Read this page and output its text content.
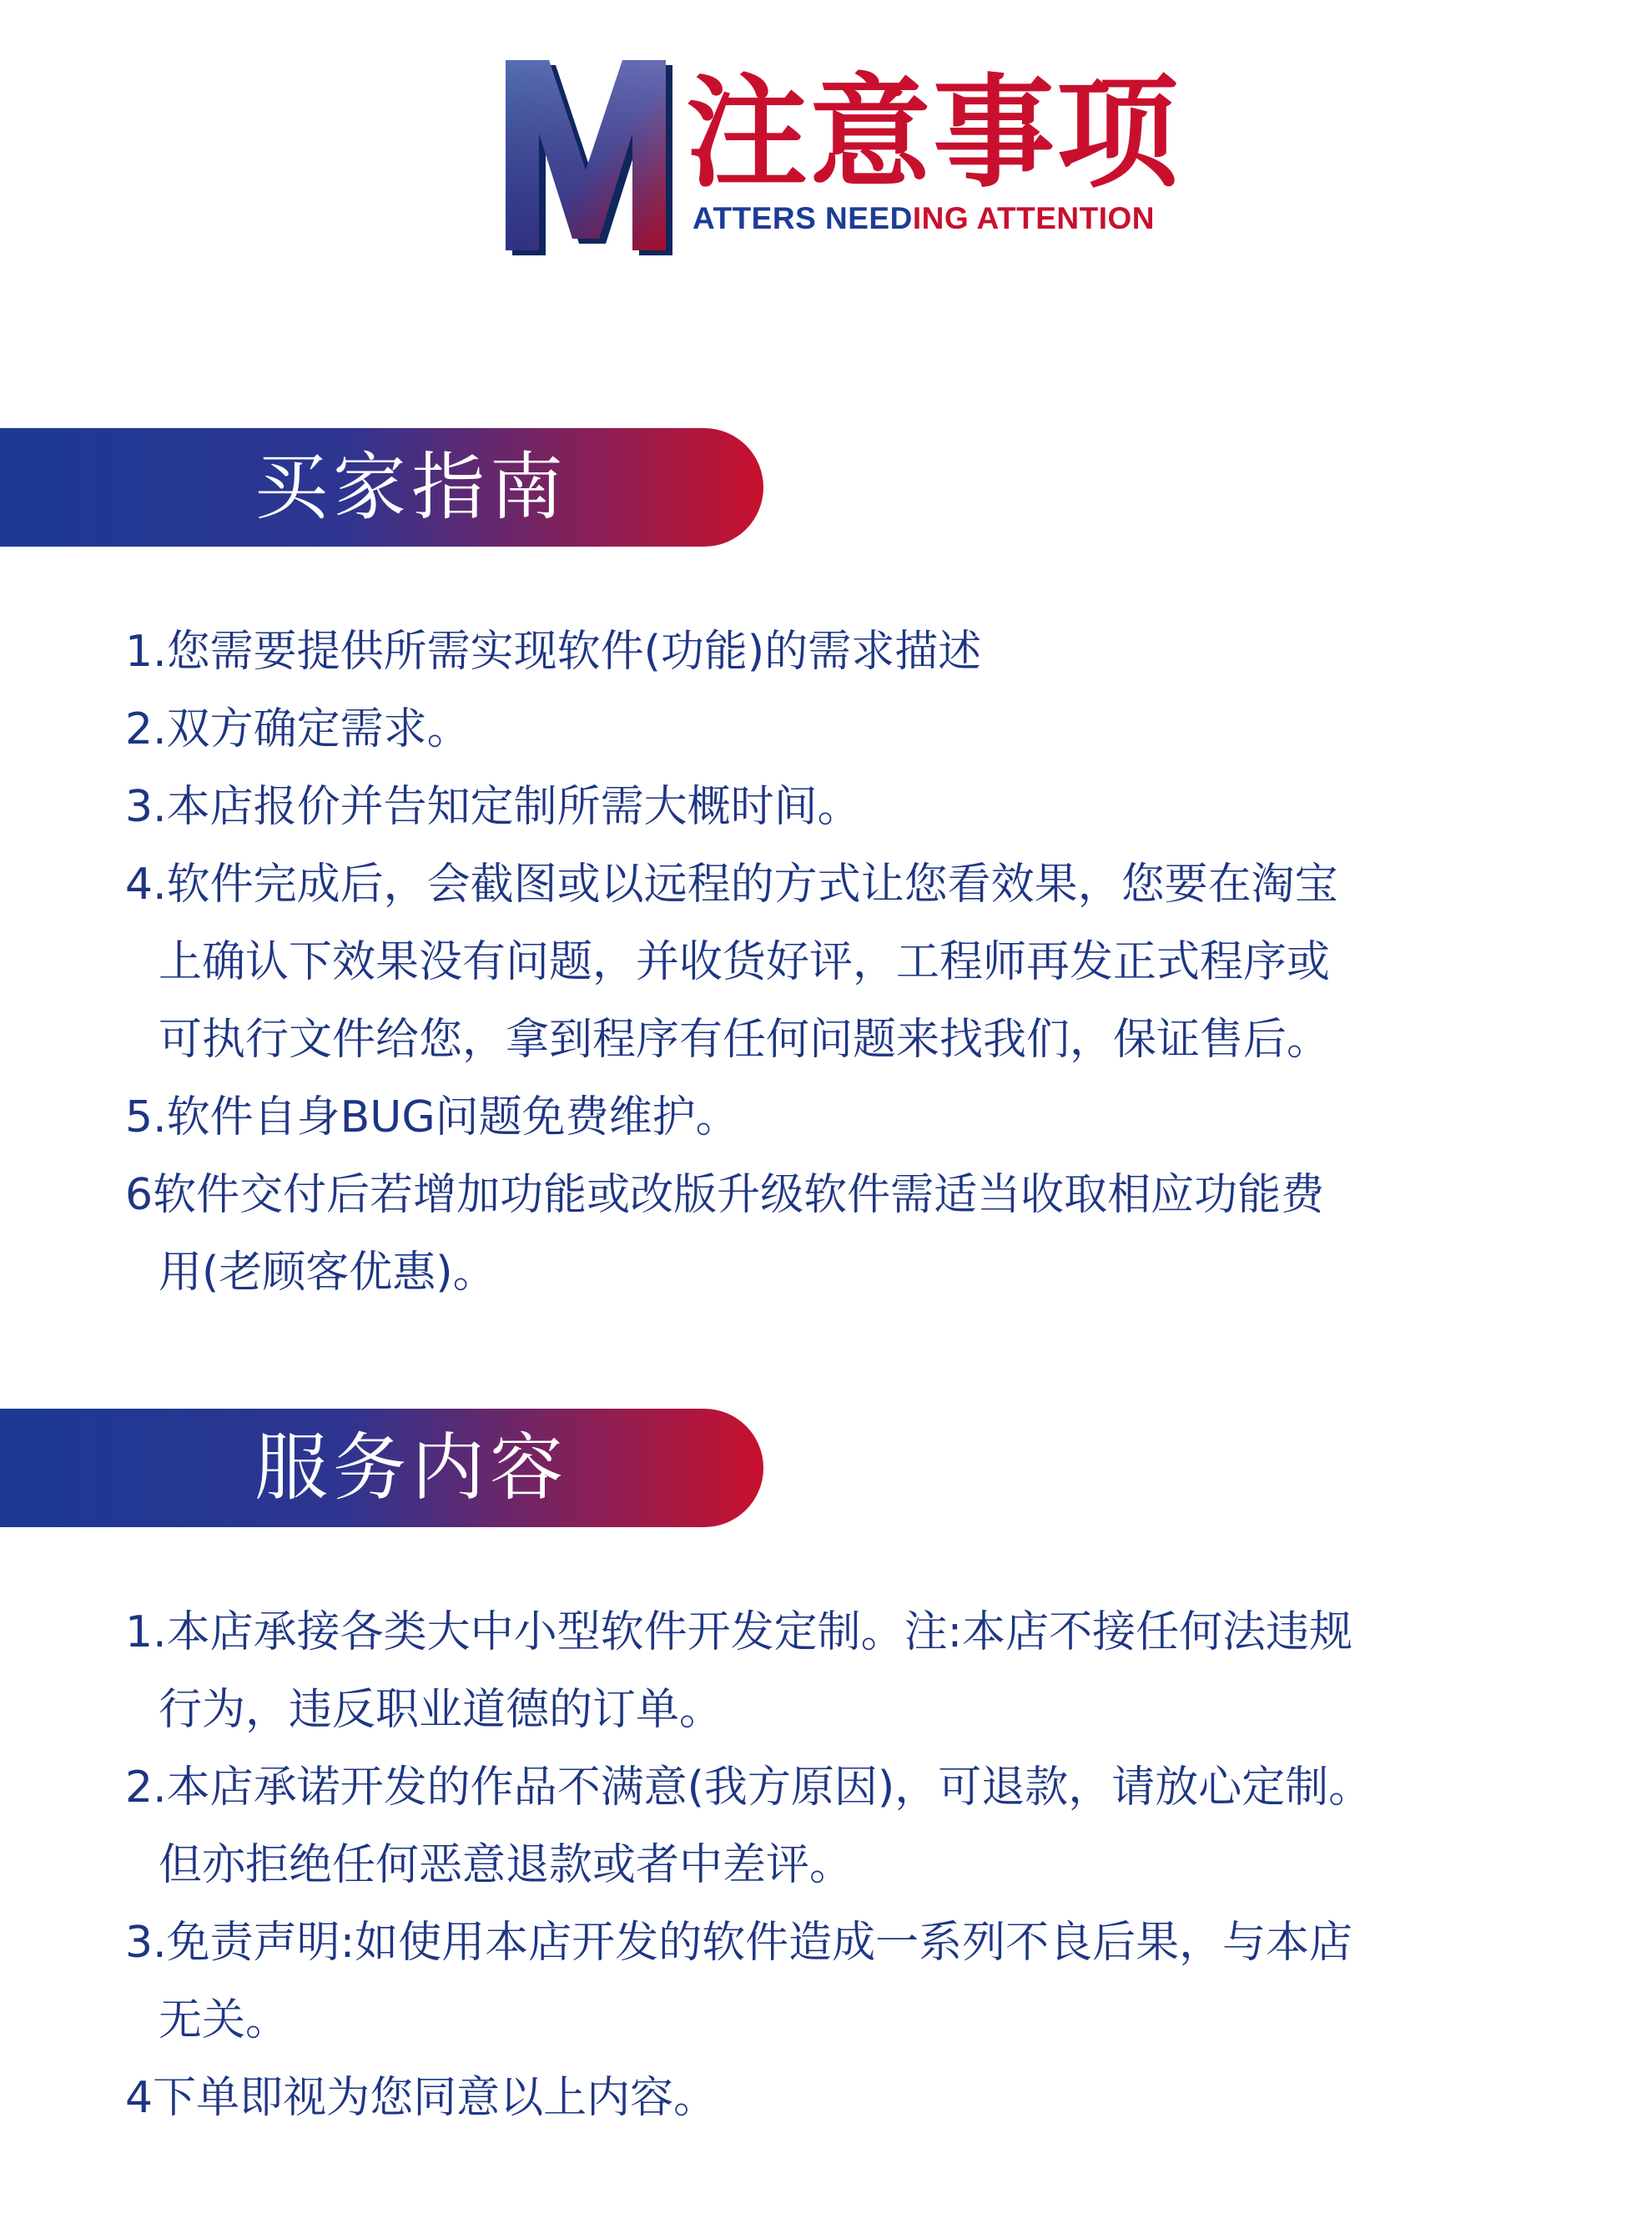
注意事项
ATTERS NEEDING ATTENTION
买家指南
1.您需要提供所需实现软件(功能)的需求描述
2.双方确定需求。
3.本店报价并告知定制所需大概时间。
4.软件完成后，会截图或以远程的方式让您看效果，您要在淘宝
上确认下效果没有问题，并收货好评，工程师再发正式程序或
可执行文件给您，拿到程序有任何问题来找我们，保证售后。
5.软件自身BUG问题免费维护。
6软件交付后若增加功能或改版升级软件需适当收取相应功能费
用(老顾客优惠)。
服务内容
1.本店承接各类大中小型软件开发定制。注:本店不接任何法违规
行为，违反职业道德的订单。
2.本店承诺开发的作品不满意(我方原因)，可退款，请放心定制。
但亦拒绝任何恶意退款或者中差评。
3.免责声明:如使用本店开发的软件造成一系列不良后果，与本店
无关。
4下单即视为您同意以上内容。
